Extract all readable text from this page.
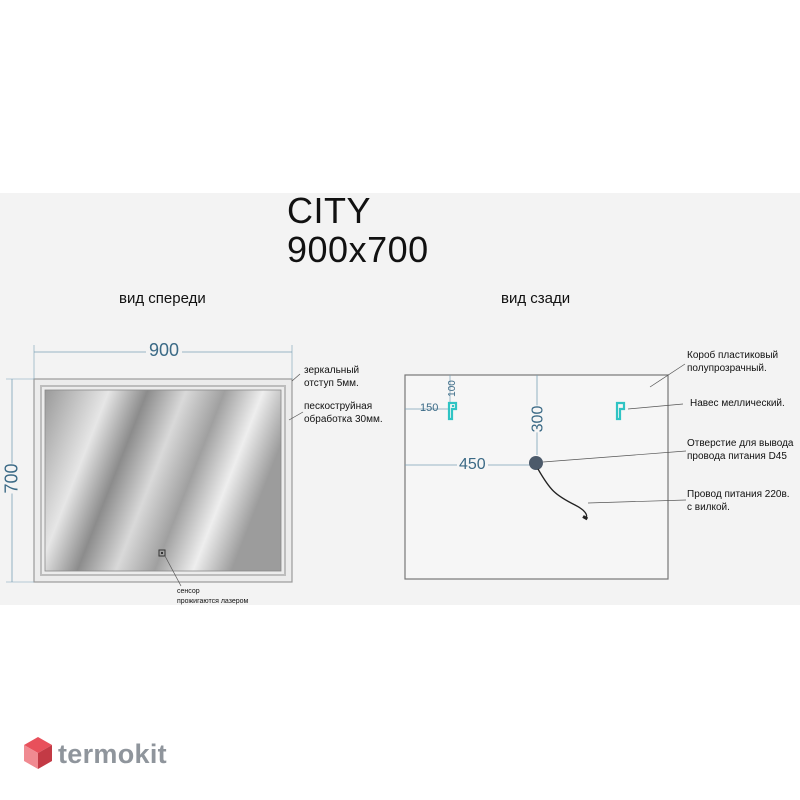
CITY
900x700
вид спереди	вид сзади
900
700
150
100
300
450
зеркальный
отступ 5мм.
пескоструйная
обработка 30мм.
сенсор
прожигаются лазером
Короб пластиковый
полупрозрачный.
Навес меллический.
Отверстие для вывода
провода питания D45
Провод питания 220в.
с вилкой.
termokit
